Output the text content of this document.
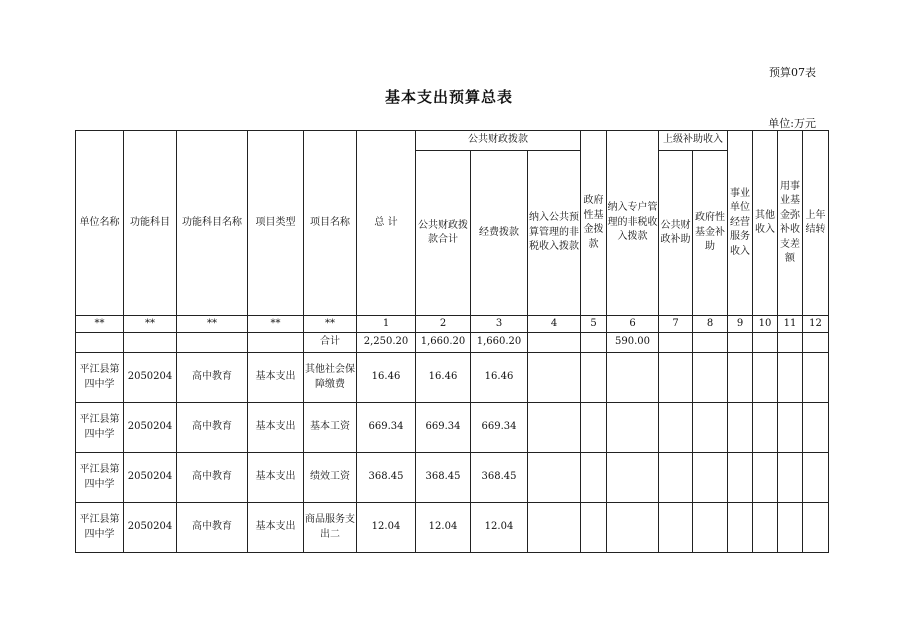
预算07表
基本支出预算总表
单位:万元
单位名称	功能科目	功能科目名称	项目类型	项目名称	总 计	公共财政拨款			政府性基金拨款	纳入专户管理的非税收入拨款	上级补助收入		事业单位经营服务收入	其他收入	用事业基金弥补收支差额	上年结转
						公共财政拨款合计	经费拨款	纳入公共预算管理的非税收入拨款			公共财政补助	政府性基金补助				

**	**	**	**	**	1	2	3	4	5	6	7	8	9	10	11	12
				合计	2,250.20	1,660.20	1,660.20			590.00						
平江县第四中学	2050204	高中教育	基本支出	其他社会保障缴费	16.46	16.46	16.46									
平江县第四中学	2050204	高中教育	基本支出	基本工资	669.34	669.34	669.34									
平江县第四中学	2050204	高中教育	基本支出	绩效工资	368.45	368.45	368.45									
平江县第四中学	2050204	高中教育	基本支出	商品服务支出二	12.04	12.04	12.04									
